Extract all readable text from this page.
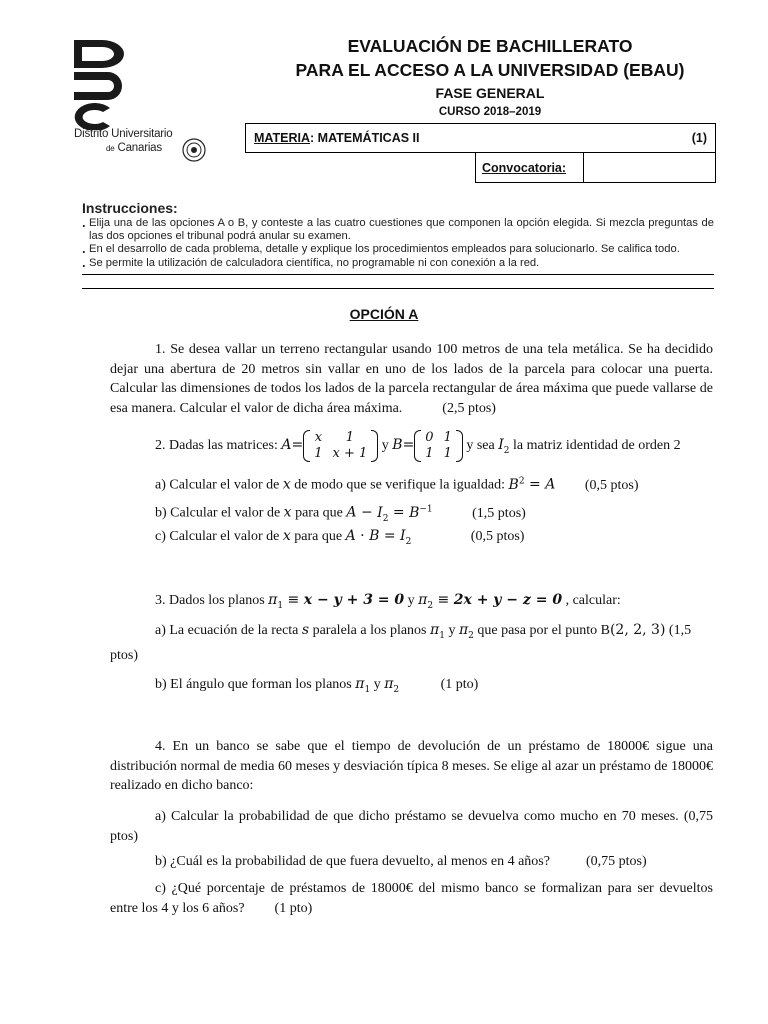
Distrito Universitario
de Canarias
EVALUACIÓN DE BACHILLERATO
PARA EL ACCESO A LA UNIVERSIDAD (EBAU)
FASE GENERAL
CURSO 2018–2019
MATERIA: MATEMÁTICAS II	(1)
Convocatoria:
Instrucciones:
. Elija una de las opciones A o B, y conteste a las cuatro cuestiones que componen la opción elegida. Si mezcla preguntas de las dos opciones el tribunal podrá anular su examen.
. En el desarrollo de cada problema, detalle y explique los procedimientos empleados para solucionarlo. Se califica todo.
. Se permite la utilización de calculadora científica, no programable ni con conexión a la red.
OPCIÓN A
1. Se desea vallar un terreno rectangular usando 100 metros de una tela metálica. Se ha decidido dejar una abertura de 20 metros sin vallar en uno de los lados de la parcela para colocar una puerta. Calcular las dimensiones de todos los lados de la parcela rectangular de área máxima que puede vallarse de esa manera. Calcular el valor de dicha área máxima.	(2,5 ptos)
2. Dadas las matrices: A= x	1
1	x + 1
y B= 0	1
1	1
y sea $I_2$ la matriz identidad de orden 2
a) Calcular el valor de x de modo que se verifique la igualdad: $B^2 = A$ (0,5 ptos)
b) Calcular el valor de x para que $A - I_2 = B^{-1}$	(1,5 ptos)
c) Calcular el valor de x para que $A \cdot B = I_2$	(0,5 ptos)
3. Dados los planos $\pi_1 \equiv x - y + 3 = 0$ y $\pi_2 \equiv 2x + y - z = 0$ , calcular:
a) La ecuación de la recta s paralela a los planos $\pi_1$ y $\pi_2$ que pasa por el punto B(2, 2, 3) (1,5 ptos)
b) El ángulo que forman los planos $\pi_1$ y $\pi_2$	(1 pto)
4. En un banco se sabe que el tiempo de devolución de un préstamo de 18000€ sigue una distribución normal de media 60 meses y desviación típica 8 meses. Se elige al azar un préstamo de 18000€ realizado en dicho banco:
a) Calcular la probabilidad de que dicho préstamo se devuelva como mucho en 70 meses. (0,75 ptos)
b) ¿Cuál es la probabilidad de que fuera devuelto, al menos en 4 años?	(0,75 ptos)
c) ¿Qué porcentaje de préstamos de 18000€ del mismo banco se formalizan para ser devueltos entre los 4 y los 6 años? (1 pto)
